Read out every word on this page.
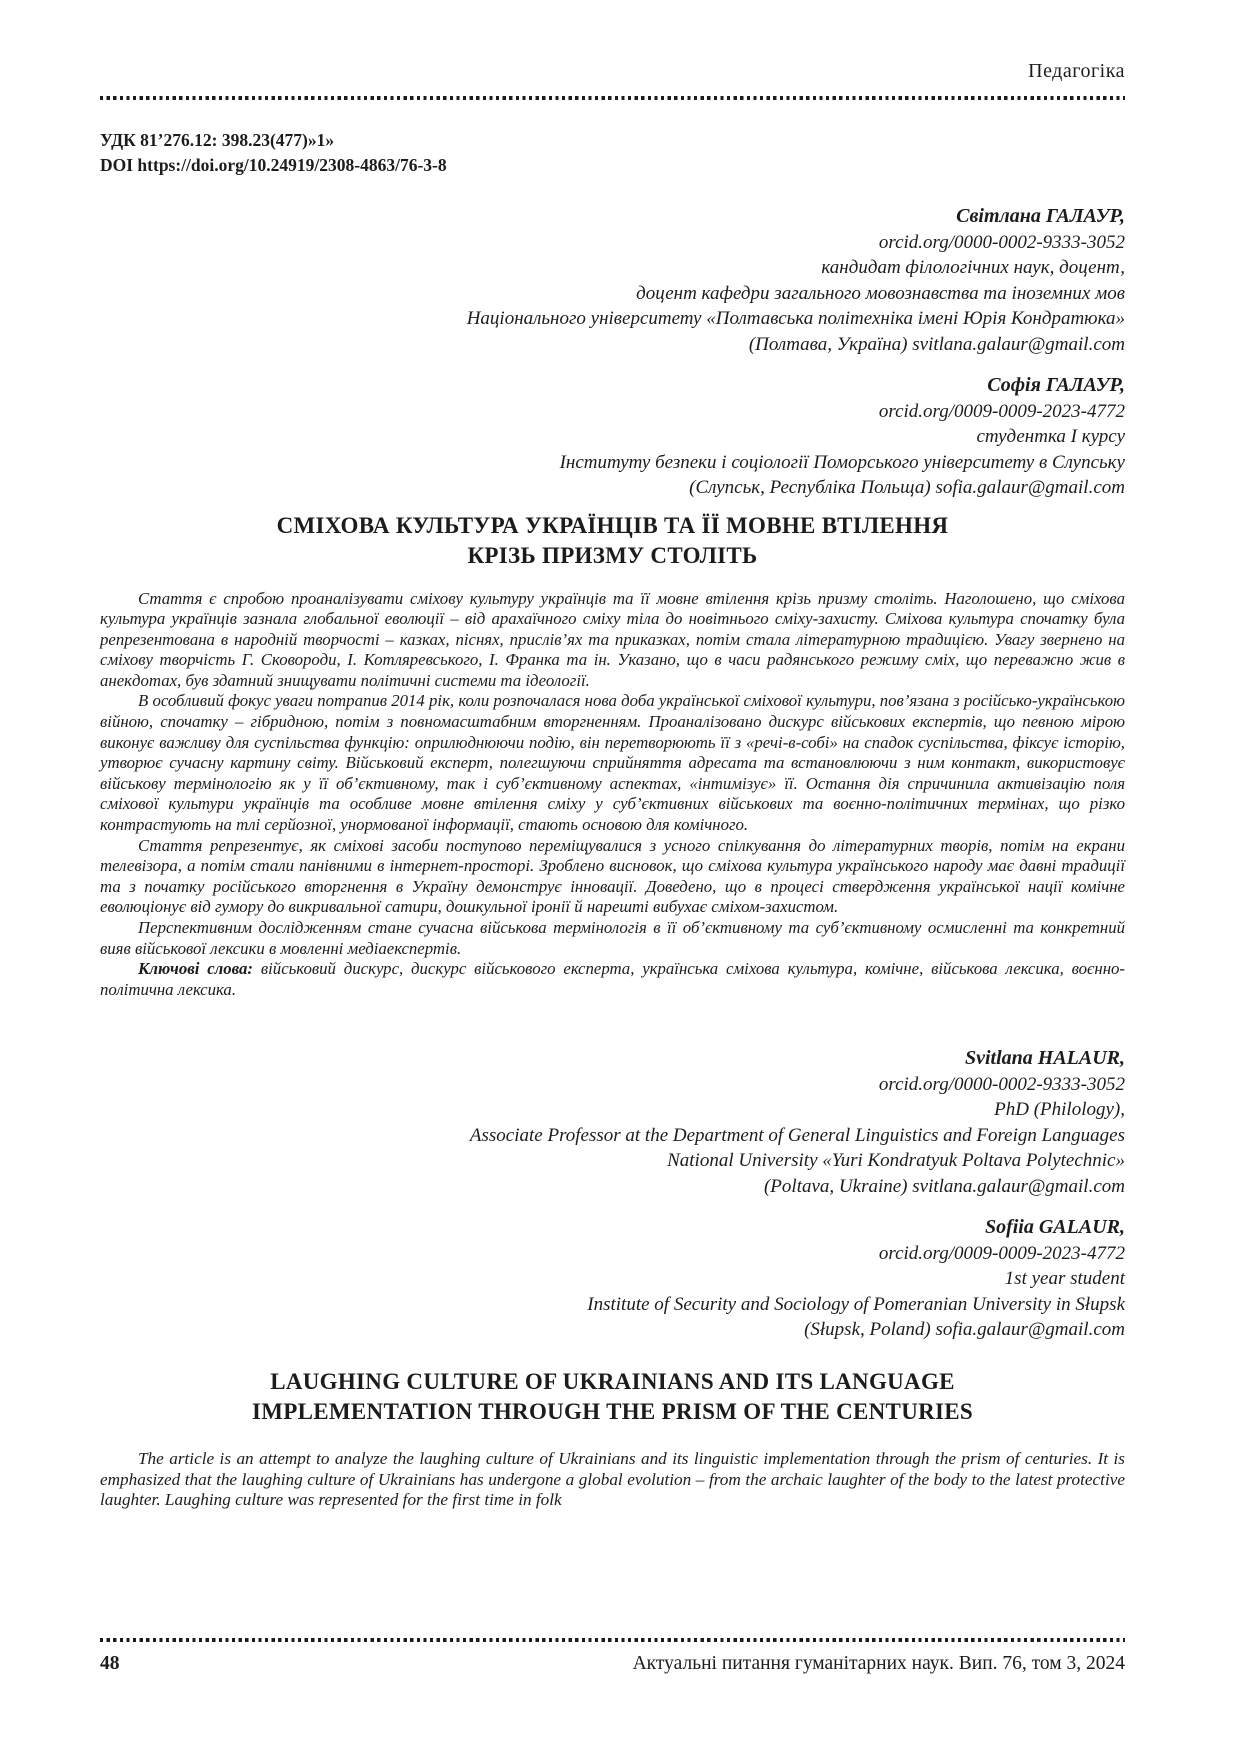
Педагогіка
УДК 81’276.12: 398.23(477)»1»
DOI https://doi.org/10.24919/2308-4863/76-3-8
Світлана ГАЛАУР,
orcid.org/0000-0002-9333-3052
кандидат філологічних наук, доцент,
доцент кафедри загального мовознавства та іноземних мов
Національного університету «Полтавська політехніка імені Юрія Кондратюка»
(Полтава, Україна) svitlana.galaur@gmail.com
Софія ГАЛАУР,
orcid.org/0009-0009-2023-4772
студентка І курсу
Інституту безпеки і соціології Поморського університету в Слупську
(Слупськ, Республіка Польща) sofia.galaur@gmail.com
СМІХОВА КУЛЬТУРА УКРАЇНЦІВ ТА ЇЇ МОВНЕ ВТІЛЕННЯ
КРІЗЬ ПРИЗМУ СТОЛІТЬ

Стаття є спробою проаналізувати сміхову культуру українців та її мовне втілення крізь призму століть. Наголошено, що сміхова культура українців зазнала глобальної еволюції – від арахаїчного сміху тіла до новітнього сміху-захисту. Сміхова культура спочатку була репрезентована в народній творчості – казках, піснях, прислів’ях та приказках, потім стала літературною традицією. Увагу звернено на сміхову творчість Г. Сковороди, І. Котляревського, І. Франка та ін. Указано, що в часи радянського режиму сміх, що переважно жив в анекдотах, був здатний знищувати політичні системи та ідеології.

В особливий фокус уваги потрапив 2014 рік, коли розпочалася нова доба української сміхової культури, пов’язана з російсько-українською війною, спочатку – гібридною, потім з повномасштабним вторгненням. Проаналізовано дискурс військових експертів, що певною мірою виконує важливу для суспільства функцію: оприлюднюючи подію, він перетворюють її з «речі-в-собі» на спадок суспільства, фіксує історію, утворює сучасну картину світу. Військовий експерт, полегшуючи сприйняття адресата та встановлюючи з ним контакт, використовує військову термінологію як у її об’єктивному, так і суб’єктивному аспектах, «інтимізує» її. Остання дія спричинила активізацію поля сміхової культури українців та особливе мовне втілення сміху у суб’єктивних військових та воєнно-політичних термінах, що різко контрастують на тлі серйозної, унормованої інформації, стають основою для комічного.

Стаття репрезентує, як сміхові засоби поступово переміщувалися з усного спілкування до літературних творів, потім на екрани телевізора, а потім стали панівними в інтернет-просторі. Зроблено висновок, що сміхова культура українського народу має давні традиції та з початку російського вторгнення в Україну демонструє інновації. Доведено, що в процесі ствердження української нації комічне еволюціонує від гумору до викривальної сатири, дошкульної іронії й нарешті вибухає сміхом-захистом.

Перспективним дослідженням стане сучасна військова термінологія в її об’єктивному та суб’єктивному осмисленні та конкретний вияв військової лексики в мовленні медіаекспертів.

Ключові слова: військовий дискурс, дискурс військового експерта, українська сміхова культура, комічне, військова лексика, воєнно-політична лексика.

Svitlana HALAUR,
orcid.org/0000-0002-9333-3052
PhD (Philology),
Associate Professor at the Department of General Linguistics and Foreign Languages
National University «Yuri Kondratyuk Poltava Polytechnic»
(Poltava, Ukraine) svitlana.galaur@gmail.com
Sofiia GALAUR,
orcid.org/0009-0009-2023-4772
1st year student
Institute of Security and Sociology of Pomeranian University in Słupsk
(Słupsk, Poland) sofia.galaur@gmail.com
LAUGHING CULTURE OF UKRAINIANS AND ITS LANGUAGE
IMPLEMENTATION THROUGH THE PRISM OF THE CENTURIES

The article is an attempt to analyze the laughing culture of Ukrainians and its linguistic implementation through the prism of centuries. It is emphasized that the laughing culture of Ukrainians has undergone a global evolution – from the archaic laughter of the body to the latest protective laughter. Laughing culture was represented for the first time in folk

48	Актуальні питання гуманітарних наук. Вип. 76, том 3, 2024
